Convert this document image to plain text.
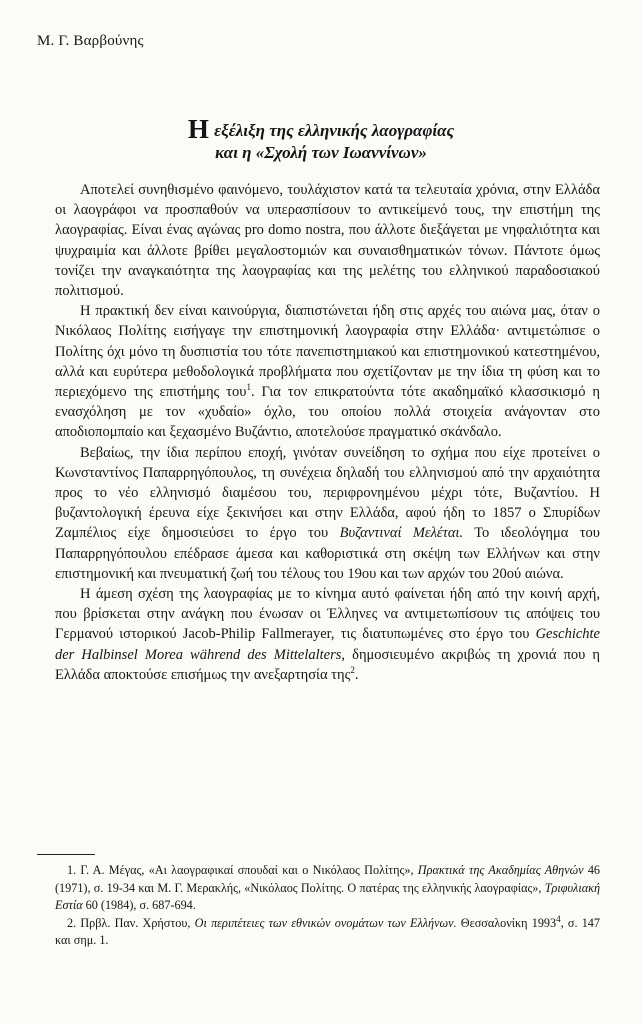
Μ. Γ. Βαρβούνης
Η εξέλιξη της ελληνικής λαογραφίας
και η «Σχολή των Ιωαννίνων»

Αποτελεί συνηθισμένο φαινόμενο, τουλάχιστον κατά τα τελευταία χρόνια, στην Ελλάδα οι λαογράφοι να προσπαθούν να υπερασπίσουν το αντικείμενό τους, την επιστήμη της λαογραφίας. Είναι ένας αγώνας pro domo nostra, που άλλοτε διεξάγεται με νηφαλιότητα και ψυχραιμία και άλλοτε βρίθει μεγαλοστομιών και συναισθηματικών τόνων. Πάντοτε όμως τονίζει την αναγκαιότητα της λαογραφίας και της μελέτης του ελληνικού παραδοσιακού πολιτισμού.

Η πρακτική δεν είναι καινούργια, διαπιστώνεται ήδη στις αρχές του αιώνα μας, όταν ο Νικόλαος Πολίτης εισήγαγε την επιστημονική λαογραφία στην Ελλάδα· αντιμετώπισε ο Πολίτης όχι μόνο τη δυσπιστία του τότε πανεπιστημιακού και επιστημονικού κατεστημένου, αλλά και ευρύτερα μεθοδολογικά προβλήματα που σχετίζονταν με την ίδια τη φύση και το περιεχόμενο της επιστήμης του$^1$. Για τον επικρατούντα τότε ακαδημαϊκό κλασσικισμό η ενασχόληση με τον «χυδαίο» όχλο, του οποίου πολλά στοιχεία ανάγονταν στο αποδιοπομπαίο και ξεχασμένο Βυζάντιο, αποτελούσε πραγματικό σκάνδαλο.

Βεβαίως, την ίδια περίπου εποχή, γινόταν συνείδηση το σχήμα που είχε προτείνει ο Κωνσταντίνος Παπαρρηγόπουλος, τη συνέχεια δηλαδή του ελληνισμού από την αρχαιότητα προς το νέο ελληνισμό διαμέσου του, περιφρονημένου μέχρι τότε, Βυζαντίου. Η βυζαντολογική έρευνα είχε ξεκινήσει και στην Ελλάδα, αφού ήδη το 1857 ο Σπυρίδων Ζαμπέλιος είχε δημοσιεύσει το έργο του Βυζαντιναί Μελέται. Το ιδεολόγημα του Παπαρρηγόπουλου επέδρασε άμεσα και καθοριστικά στη σκέψη των Ελλήνων και στην επιστημονική και πνευματική ζωή του τέλους του 19ου και των αρχών του 20ού αιώνα.

Η άμεση σχέση της λαογραφίας με το κίνημα αυτό φαίνεται ήδη από την κοινή αρχή, που βρίσκεται στην ανάγκη που ένωσαν οι Έλληνες να αντιμετωπίσουν τις απόψεις του Γερμανού ιστορικού Jacob-Philip Fallmerayer, τις διατυπωμένες στο έργο του Geschichte der Halbinsel Morea während des Mittelalters, δημοσιευμένο ακριβώς τη χρονιά που η Ελλάδα αποκτούσε επισήμως την ανεξαρτησία της$^2$.

1. Γ. Α. Μέγας, «Αι λαογραφικαί σπουδαί και ο Νικόλαος Πολίτης», Πρακτικά της Ακαδημίας Αθηνών 46 (1971), σ. 19-34 και Μ. Γ. Μερακλής, «Νικόλαος Πολίτης. Ο πατέρας της ελληνικής λαογραφίας», Τριφυλιακή Εστία 60 (1984), σ. 687-694.

2. Πρβλ. Παν. Χρήστου, Οι περιπέτειες των εθνικών ονομάτων των Ελλήνων. Θεσσαλονίκη 1993$^4$, σ. 147 και σημ. 1.
